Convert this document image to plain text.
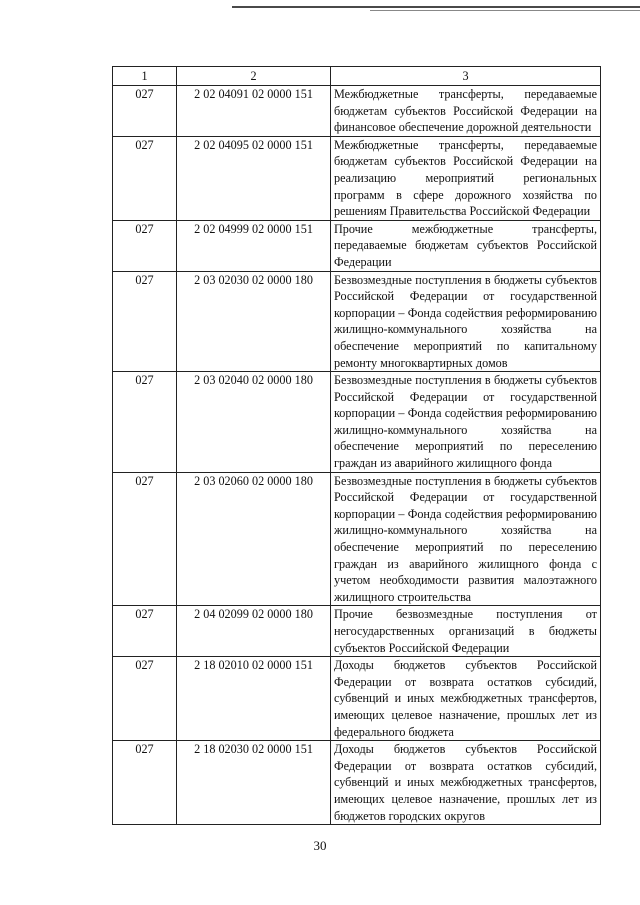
1	2	3
027	2 02 04091 02 0000 151	Межбюджетные трансферты, передаваемые бюджетам субъектов Российской Федерации на финансовое обеспечение дорожной деятельности
027	2 02 04095 02 0000 151	Межбюджетные трансферты, передаваемые бюджетам субъектов Российской Федерации на реализацию мероприятий региональных программ в сфере дорожного хозяйства по решениям Правительства Российской Федерации
027	2 02 04999 02 0000 151	Прочие межбюджетные трансферты, передаваемые бюджетам субъектов Российской Федерации
027	2 03 02030 02 0000 180	Безвозмездные поступления в бюджеты субъектов Российской Федерации от государственной корпорации – Фонда содействия реформированию жилищно-коммунального хозяйства на обеспечение мероприятий по капитальному ремонту многоквартирных домов
027	2 03 02040 02 0000 180	Безвозмездные поступления в бюджеты субъектов Российской Федерации от государственной корпорации – Фонда содействия реформированию жилищно-коммунального хозяйства на обеспечение мероприятий по переселению граждан из аварийного жилищного фонда
027	2 03 02060 02 0000 180	Безвозмездные поступления в бюджеты субъектов Российской Федерации от государственной корпорации – Фонда содействия реформированию жилищно-коммунального хозяйства на обеспечение мероприятий по переселению граждан из аварийного жилищного фонда с учетом необходимости развития малоэтажного жилищного строительства
027	2 04 02099 02 0000 180	Прочие безвозмездные поступления от негосударственных организаций в бюджеты субъектов Российской Федерации
027	2 18 02010 02 0000 151	Доходы бюджетов субъектов Российской Федерации от возврата остатков субсидий, субвенций и иных межбюджетных трансфертов, имеющих целевое назначение, прошлых лет из федерального бюджета
027	2 18 02030 02 0000 151	Доходы бюджетов субъектов Российской Федерации от возврата остатков субсидий, субвенций и иных межбюджетных трансфертов, имеющих целевое назначение, прошлых лет из бюджетов городских округов
30
